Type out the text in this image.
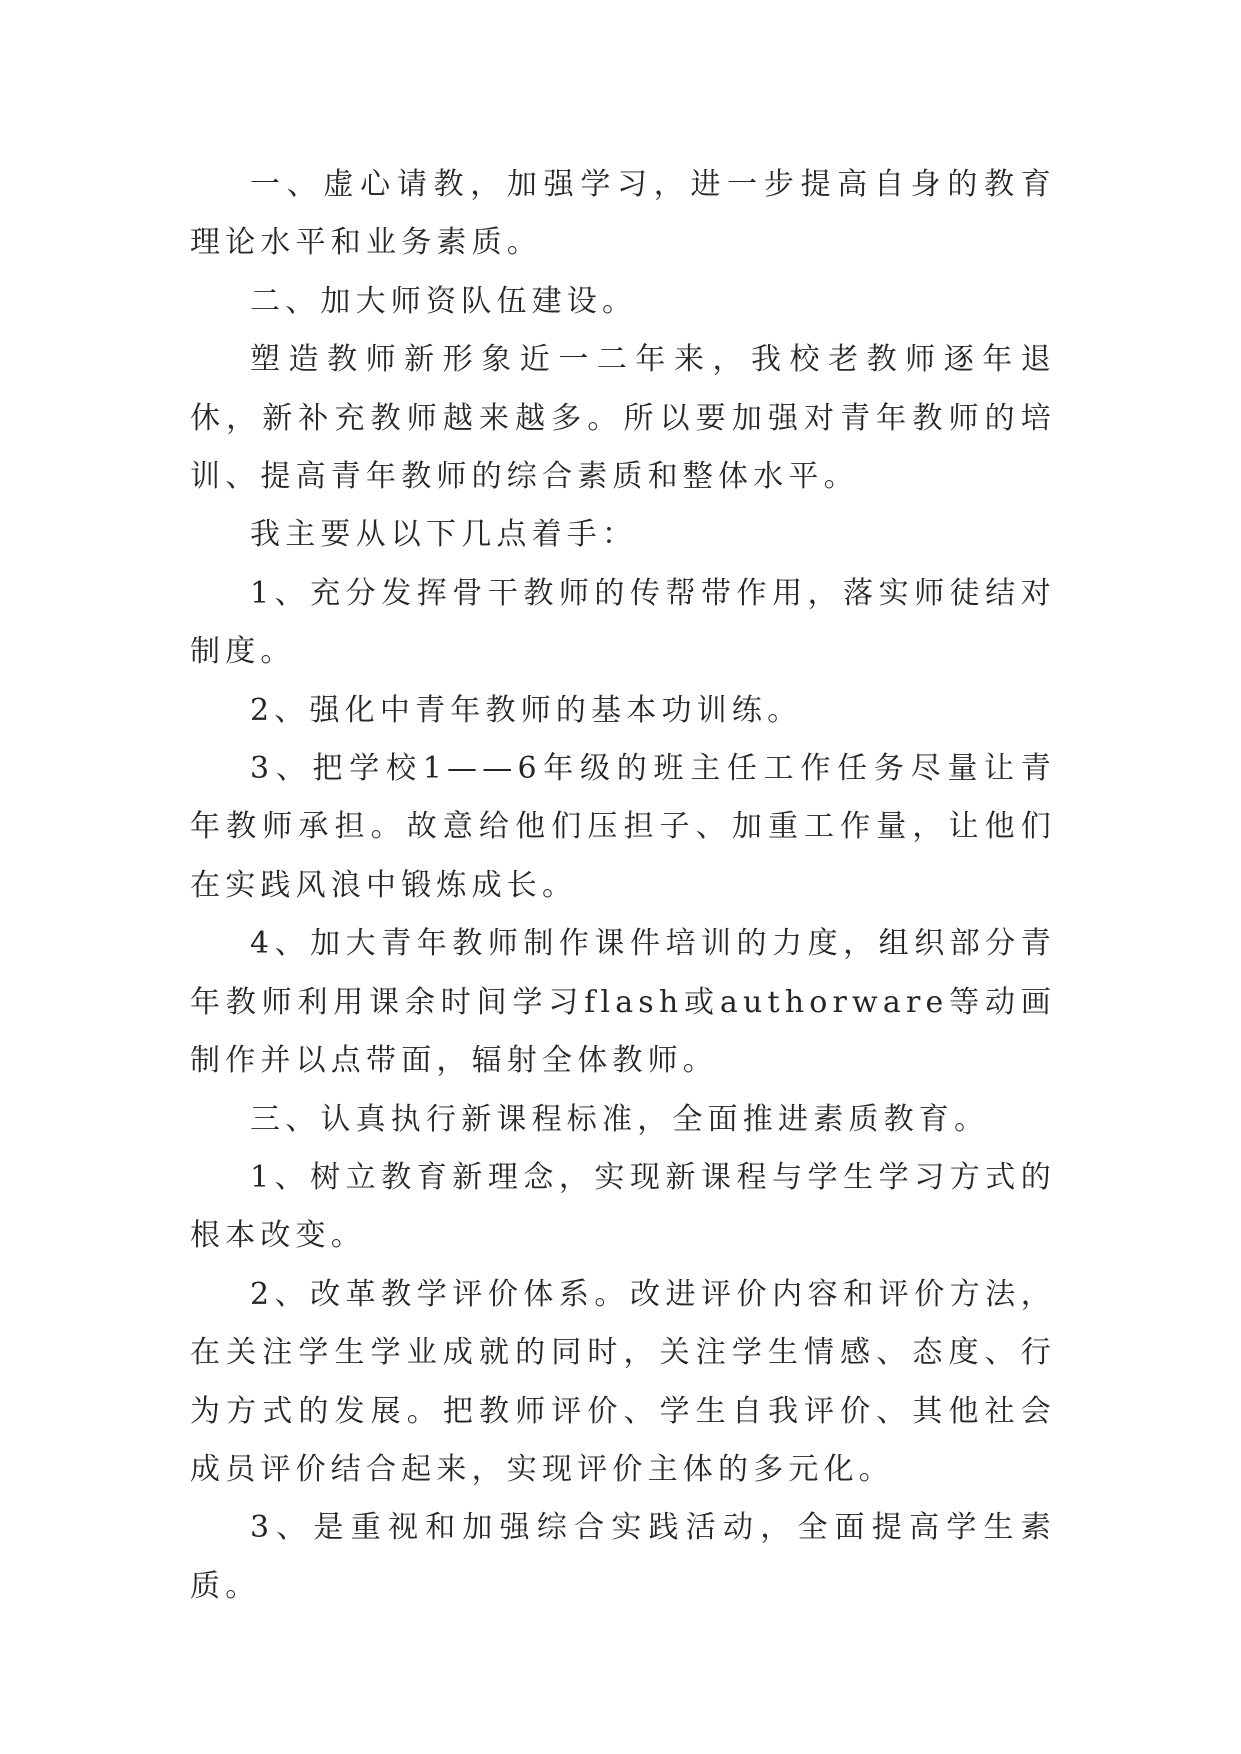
一、虚心请教，加强学习，进一步提高自身的教育理论水平和业务素质。

二、加大师资队伍建设。

塑造教师新形象近一二年来，我校老教师逐年退休，新补充教师越来越多。所以要加强对青年教师的培训、提高青年教师的综合素质和整体水平。

我主要从以下几点着手：

1、充分发挥骨干教师的传帮带作用，落实师徒结对制度。

2、强化中青年教师的基本功训练。

3、把学校1——6年级的班主任工作任务尽量让青年教师承担。故意给他们压担子、加重工作量，让他们在实践风浪中锻炼成长。

4、加大青年教师制作课件培训的力度，组织部分青年教师利用课余时间学习flash或authorware等动画制作并以点带面，辐射全体教师。

三、认真执行新课程标准，全面推进素质教育。

1、树立教育新理念，实现新课程与学生学习方式的根本改变。

2、改革教学评价体系。改进评价内容和评价方法，在关注学生学业成就的同时，关注学生情感、态度、行为方式的发展。把教师评价、学生自我评价、其他社会成员评价结合起来，实现评价主体的多元化。

3、是重视和加强综合实践活动，全面提高学生素质。
